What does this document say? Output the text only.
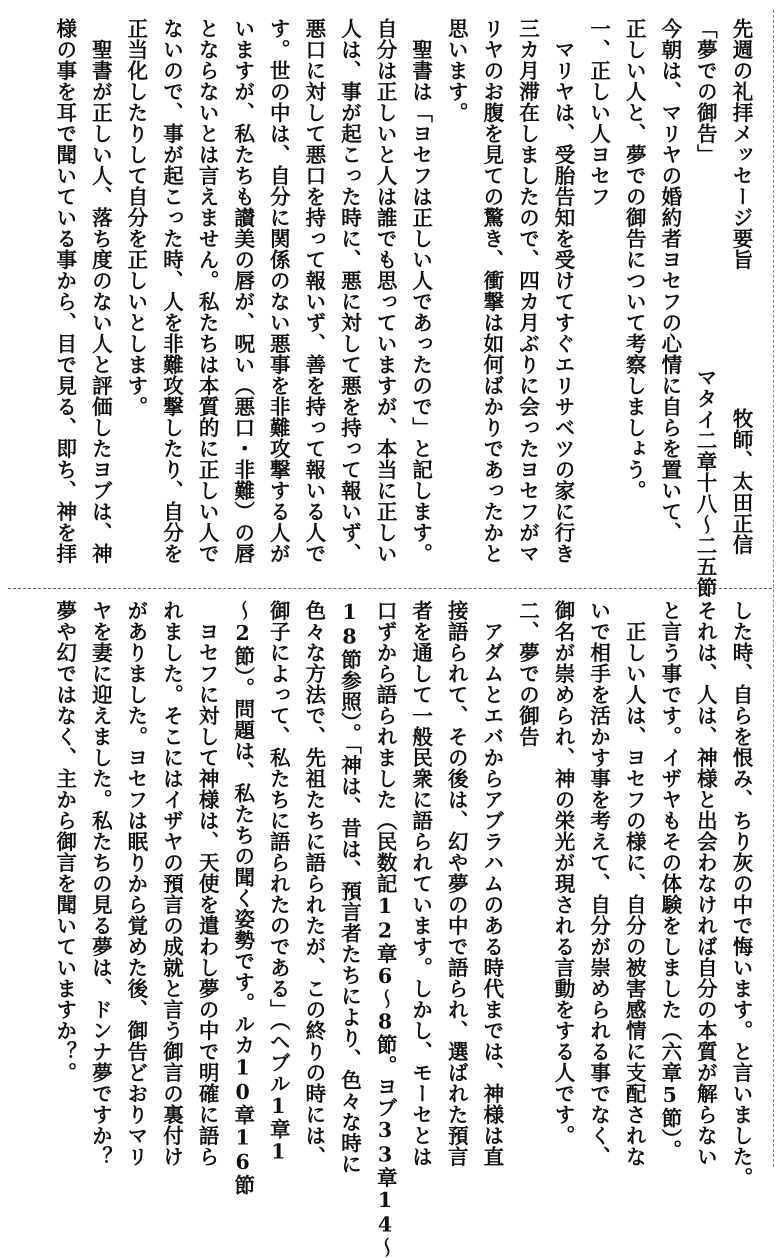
先週の礼拝メッセージ要旨
「夢での御告」
今朝は、マリヤの婚約者ヨセフの心情に自らを置いて、
正しい人と、夢での御告について考察しましょう。
一、正しい人ヨセフ
マリヤは、受胎告知を受けてすぐエリサベツの家に行き
三カ月滞在しましたので、四カ月ぶりに会ったヨセフがマ
リヤのお腹を見ての驚き、衝撃は如何ばかりであったかと
思います。
聖書は「ヨセフは正しい人であったので」と記します。
自分は正しいと人は誰でも思っていますが、本当に正しい
人は、事が起こった時に、悪に対して悪を持って報いず、
悪口に対して悪口を持って報いず、善を持って報いる人で
す。世の中は、自分に関係のない悪事を非難攻撃する人が
いますが、私たちも讃美の唇が、呪い（悪口・非難）の唇
とならないとは言えません。私たちは本質的に正しい人で
ないので、事が起こった時、人を非難攻撃したり、自分を
正当化したりして自分を正しいとします。
聖書が正しい人、落ち度のない人と評価したヨブは、神
様の事を耳で聞いている事から、目で見る、即ち、神を拝
した時、自らを恨み、ちり灰の中で悔います。と言いました。
それは、人は、神様と出会わなければ自分の本質が解らない
と言う事です。イザヤもその体験をしました（六章5節）。
正しい人は、ヨセフの様に、自分の被害感情に支配されな
いで相手を活かす事を考えて、自分が崇められる事でなく、
御名が崇められ、神の栄光が現される言動をする人です。
二、夢での御告
アダムとエバからアブラハムのある時代までは、神様は直
接語られて、その後は、幻や夢の中で語られ、選ばれた預言
者を通して一般民衆に語られています。しかし、モーセとは
口ずから語られました（民数記12章6〜8節。ヨブ33章14〜
18節参照）。「神は、昔は、預言者たちにより、色々な時に
色々な方法で、先祖たちに語られたが、この終りの時には、
御子によって、私たちに語られたのである」（ヘブル1章1
〜2節）。問題は、私たちの聞く姿勢です。ルカ10章16節
ヨセフに対して神様は、天使を遣わし夢の中で明確に語ら
れました。そこにはイザヤの預言の成就と言う御言の裏付け
がありました。ヨセフは眠りから覚めた後、御告どおりマリ
ヤを妻に迎えました。私たちの見る夢は、ドンナ夢ですか？
夢や幻ではなく、主から御言を聞いていますか？。
牧師、太田正信
マタイ二章十八〜二五節
